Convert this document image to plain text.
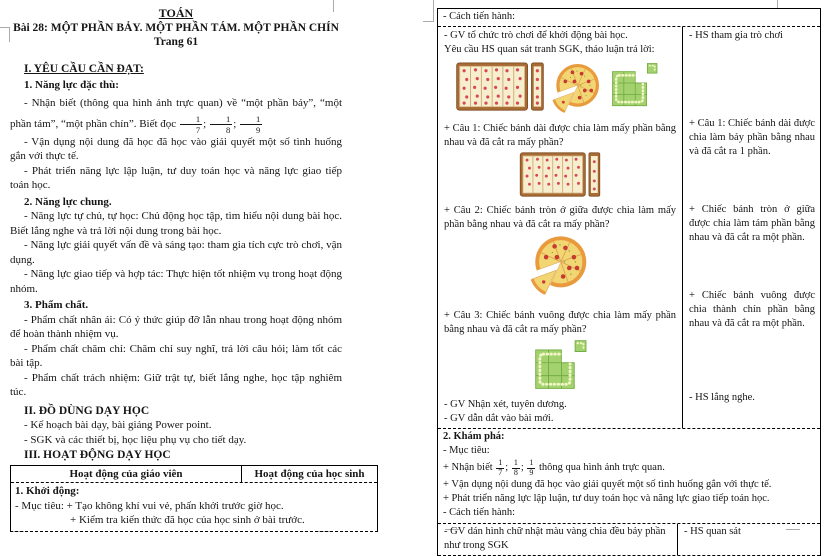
TOÁN
Bài 28: MỘT PHẦN BẢY. MỘT PHẦN TÁM. MỘT PHẦN CHÍN
Trang 61
I. YÊU CẦU CẦN ĐẠT:
1. Năng lực đặc thù:

- Nhận biết (thông qua hình ảnh trực quan) về “một phần bảy”, “một phần tám”, “một phần chín”. Biết đọc $\frac{1}{7}$ ; $\frac{1}{8}$ ; $\frac{1}{9}$

- Vận dụng nội dung đã học đã học vào giải quyết một số tình huống gắn với thực tế.

- Phát triển năng lực lập luận, tư duy toán học và năng lực giao tiếp toán học.

2. Năng lực chung.

- Năng lực tự chủ, tự học: Chủ động học tập, tìm hiểu nội dung bài học. Biết lắng nghe và trả lời nội dung trong bài học.

- Năng lực giải quyết vấn đề và sáng tạo: tham gia tích cực trò chơi, vận dụng.

- Năng lực giao tiếp và hợp tác: Thực hiện tốt nhiệm vụ trong hoạt động nhóm.

3. Phẩm chất.

- Phẩm chất nhân ái: Có ý thức giúp đỡ lẫn nhau trong hoạt động nhóm để hoàn thành nhiệm vụ.

- Phẩm chất chăm chỉ: Chăm chỉ suy nghĩ, trả lời câu hỏi; làm tốt các bài tập.

- Phẩm chất trách nhiệm: Giữ trật tự, biết lắng nghe, học tập nghiêm túc.

II. ĐỒ DÙNG DẠY HỌC

- Kế hoạch bài dạy, bài giảng Power point.

- SGK và các thiết bị, học liệu phụ vụ cho tiết dạy.

III. HOẠT ĐỘNG DẠY HỌC
Hoạt động của giáo viên	Hoạt động của học sinh
1. Khởi động:
- Mục tiêu: + Tạo không khí vui vẻ, phấn khởi trước giờ học.
+ Kiểm tra kiến thức đã học của học sinh ở bài trước.
- Cách tiến hành:
- GV tổ chức trò chơi để khởi động bài học.
Yêu cầu HS quan sát tranh SGK, thảo luận trả lời:

+ Câu 1: Chiếc bánh dài được chia làm mấy phần bằng nhau và đã cắt ra mấy phần?

+ Câu 2: Chiếc bánh tròn ở giữa được chia làm mấy phần bằng nhau và đã cắt ra mấy phần?

+ Câu 3: Chiếc bánh vuông được chia làm mấy phần bằng nhau và đã cắt ra mấy phần?

- GV Nhận xét, tuyên dương.
- GV dẫn dắt vào bài mới.
- HS tham gia trò chơi
+ Câu 1: Chiếc bánh dài được chia làm bảy phần bằng nhau và đã cắt ra 1 phần.
+ Chiếc bánh tròn ở giữa được chia làm tám phần bằng nhau và đã cắt ra một phần.
+ Chiếc bánh vuông được chia thành chín phần bằng nhau và đã cắt ra một phần.
- HS lắng nghe.
2. Khám phá:
- Mục tiêu:
+ Nhận biết $\frac{1}{7}$ ; $\frac{1}{8}$ ; $\frac{1}{9}$ thông qua hình ảnh trực quan.
+ Vận dụng nội dung đã học vào giải quyết một số tình huống gắn với thực tế.
+ Phát triển năng lực lập luận, tư duy toán học và năng lực giao tiếp toán học.
- Cách tiến hành:
- GV dán hình chữ nhật màu vàng chia đều bảy phần như trong SGK
- HS quan sát
